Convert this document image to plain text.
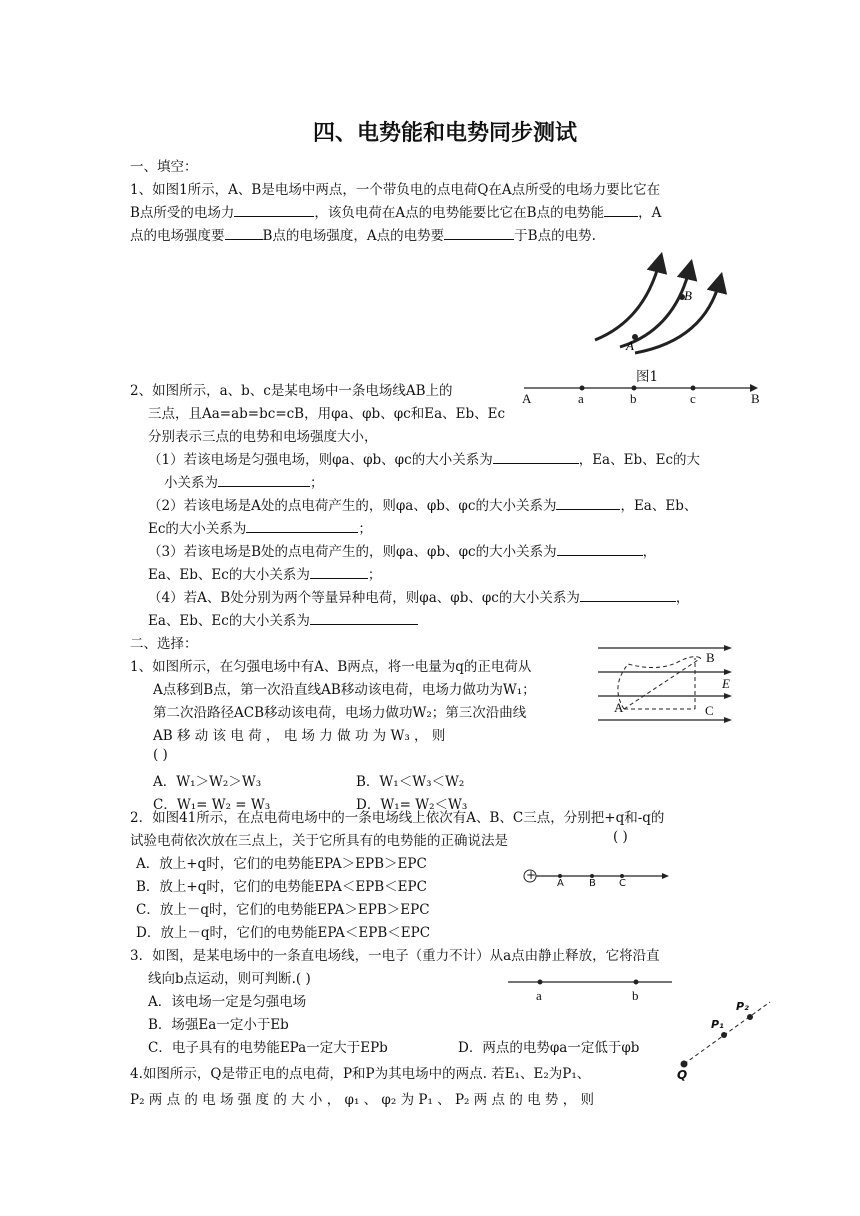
四、电势能和电势同步测试
一、填空：
1、如图1所示，A、B是电场中两点，一个带负电的点电荷Q在A点所受的电场力要比它在
B点所受的电场力	，该负电荷在A点的电势能要比它在B点的电势能	，A
点的电场强度要	B点的电场强度，A点的电势要	于B点的电势.
A
B
图1
2、如图所示，a、b、c是某电场中一条电场线AB上的
三点，且Aa=ab=bc=cB，用φa、φb、φc和Ea、Eb、Ec
分别表示三点的电势和电场强度大小，
A	a	b	c	B
（1）若该电场是匀强电场，则φa、φb、φc的大小关系为	，Ea、Eb、Ec的大
小关系为	；
（2）若该电场是A处的点电荷产生的，则φa、φb、φc的大小关系为	，Ea、Eb、
Ec的大小关系为	；
（3）若该电场是B处的点电荷产生的，则φa、φb、φc的大小关系为	，
Ea、Eb、Ec的大小关系为	；
（4）若A、B处分别为两个等量异种电荷，则φa、φb、φc的大小关系为	，
Ea、Eb、Ec的大小关系为
二、选择：
1、如图所示，在匀强电场中有A、B两点，将一电量为q的正电荷从
A点移到B点，第一次沿直线AB移动该电荷，电场力做功为W₁；
第二次沿路径ACB移动该电荷，电场力做功W₂；第三次沿曲线
AB 移 动 该 电 荷 ， 电 场 力 做 功 为 W₃ ， 则
( )
A．W₁＞W₂＞W₃	B．W₁＜W₃＜W₂
C．W₁= W₂ = W₃	D．W₁= W₂＜W₃
B
E
A	C
2．如图41所示，在点电荷电场中的一条电场线上依次有A、B、C三点，分别把+q和-q的
试验电荷依次放在三点上，关于它所具有的电势能的正确说法是	( )
A．放上+q时，它们的电势能EPA＞EPB＞EPC
B．放上+q时，它们的电势能EPA＜EPB＜EPC
C．放上－q时，它们的电势能EPA＞EPB＞EPC
D．放上－q时，它们的电势能EPA＜EPB＜EPC
+
A	B C
3．如图，是某电场中的一条直电场线，一电子（重力不计）从a点由静止释放，它将沿直
线向b点运动，则可判断.( )
A．该电场一定是匀强电场
B．场强Ea一定小于Eb
C．电子具有的电势能EPa一定大于EPb	D．两点的电势φa一定低于φb
a	b
Q
P₁
P₂
4.如图所示，Q是带正电的点电荷，P和P为其电场中的两点. 若E₁、E₂为P₁、
P₂ 两 点 的 电 场 强 度 的 大 小 ， φ₁ 、 φ₂ 为 P₁ 、 P₂ 两 点 的 电 势 ， 则
